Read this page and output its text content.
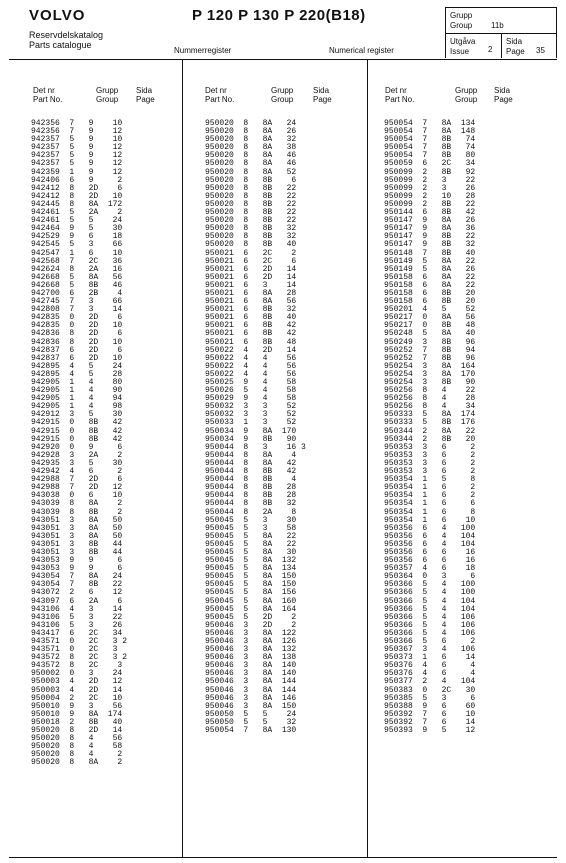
VOLVO
Reservdelskatalog
Parts catalogue
P 120 P 130 P 220(B18)
Nummerregister	Numerical register
Grupp
Group 11b
Utgåva
Issue 2
Sida
Page 35
Det nr
Part No.
Grupp
Group
Sida
Page
Det nr
Part No.
Grupp
Group
Sida
Page
Det nr
Part No.
Grupp
Group
Sida
Page
942356  7   9    10
942356  7   9    12
942357  5   9    10
942357  5   9    12
942357  5   9    12
942357  5   9    12
942359  1   9    12
942406  6   9     2
942412  8   2D    6
942412  8   2D   10
942445  8   8A  172
942461  5   2A    2
942461  5   5    24
942464  9   5    30
942529  9   6    18
942545  5   3    66
942547  1   6    10
942568  7   2C   36
942624  8   2A   16
942668  5   8A   56
942668  5   8B   46
942700  6   2B    4
942745  7   3    66
942808  7   3    14
942835  0   2D    6
942835  0   2D   10
942836  8   2D    6
942836  8   2D   10
942837  6   2D    6
942837  6   2D   10
942895  4   5    24
942895  4   5    28
942905  1   4    80
942905  1   4    90
942905  1   4    94
942905  1   4    98
942912  3   5    30
942915  0   8B   42
942915  0   8B   42
942915  0   8B   42
942920  0   9     6
942928  3   2A    2
942935  3   5    30
942942  4   6     2
942988  7   2D    6
942988  7   2D   12
943038  0   6    10
943039  8   8A    2
943039  8   8B    2
943051  3   8A   50
943051  3   8A   50
943051  3   8A   50
943051  3   8B   44
943051  3   8B   44
943053  9   9     6
943053  9   9     6
943054  7   8A   24
943054  7   8B   22
943072  2   6    12
943097  6   2A    6
943106  4   3    14
943106  5   3    22
943106  5   3    26
943417  6   2C   34
943571  0   2C   3 2
943571  0   2C   3
943572  8   2C   3 2
943572  8   2C    3
950002  0   3    24
950003  4   2D   12
950003  4   2D   14
950004  2   2C   10
950010  9   3    56
950010  9   8A  174
950018  2   8B   40
950020  8   2D   14
950020  8   4    56
950020  8   4    58
950020  8   4     2
950020  8   8A    2
950020  8   8A   24
950020  8   8A   26
950020  8   8A   32
950020  8   8A   38
950020  8   8A   46
950020  8   8A   46
950020  8   8A   52
950020  8   8B    6
950020  8   8B   22
950020  8   8B   22
950020  8   8B   22
950020  8   8B   22
950020  8   8B   22
950020  8   8B   32
950020  8   8B   32
950020  8   8B   40
950021  6   2C    2
950021  6   2C    6
950021  6   2D   14
950021  6   2D   14
950021  6   3    14
950021  6   8A   28
950021  6   8A   56
950021  6   8B   32
950021  6   8B   40
950021  6   8B   42
950021  6   8B   42
950021  6   8B   48
950022  4   2D   14
950022  4   4    56
950022  4   4    56
950022  4   4    56
950025  9   4    58
950026  5   4    58
950029  9   4    58
950032  3   3    52
950032  3   3    52
950033  1   3    52
950034  9   8A  170
950034  9   8B   90
950044  8   3    16 3
950044  8   8A    4
950044  8   8A   42
950044  8   8B   42
950044  8   8B    4
950044  8   8B   28
950044  8   8B   28
950044  8   8B   32
950044  8   2A    8
950045  5   3    30
950045  5   3    58
950045  5   8A   22
950045  5   8A   22
950045  5   8A   30
950045  5   8A  132
950045  5   8A  134
950045  5   8A  150
950045  5   8A  150
950045  5   8A  156
950045  5   8A  160
950045  5   8A  164
950045  5   2D    2
950046  3   2D    2
950046  3   8A  122
950046  3   8A  126
950046  3   8A  132
950046  3   8A  138
950046  3   8A  140
950046  3   8A  140
950046  3   8A  144
950046  3   8A  144
950046  3   8A  146
950046  3   8A  150
950050  5   5    24
950050  5   5    32
950054  7   8A  130
950054  7   8A  134
950054  7   8A  148
950054  7   8B   74
950054  7   8B   74
950054  7   8B   80
950059  6   2C   34
950099  2   8B   92
950099  2   3    22
950099  2   3    26
950099  2   10   28
950099  2   8B   22
950144  6   8B   42
950147  9   8A   26
950147  9   8A   36
950147  9   8B   22
950147  9   8B   32
950148  7   8B   40
950149  5   8A   22
950149  5   8A   26
950158  6   8A   22
950158  6   8A   22
950158  6   8B   20
950158  6   8B   20
950201  4   5    52
950217  0   8A   56
950217  0   8B   48
950248  5   8A   40
950249  3   8B   96
950252  7   8B   94
950252  7   8B   96
950254  3   8A  164
950254  3   8A  170
950254  3   8B   90
950256  8   4    22
950256  8   4    28
950256  8   4    34
950333  5   8A  174
950333  5   8B  176
950344  2   8A   22
950344  2   8B   20
950353  3   6     2
950353  3   6     2
950353  3   6     2
950353  3   6     2
950354  1   5     8
950354  1   6     2
950354  1   6     2
950354  1   6     6
950354  1   6     8
950354  1   6    10
950356  6   4   100
950356  6   4   104
950356  6   4   104
950356  6   6    16
950356  6   6    16
950357  4   6    18
950364  0   3     6
950366  5   4   100
950366  5   4   100
950366  5   4   104
950366  5   4   104
950366  5   4   106
950366  5   4   106
950366  5   4   106
950366  5   6     2
950367  3   4   106
950373  1   6    14
950376  4   6     4
950376  4   6     4
950377  2   4   104
950383  0   2C   30
950385  5   3     6
950388  9   6    60
950392  7   6    10
950392  7   6    14
950393  9   5    12
